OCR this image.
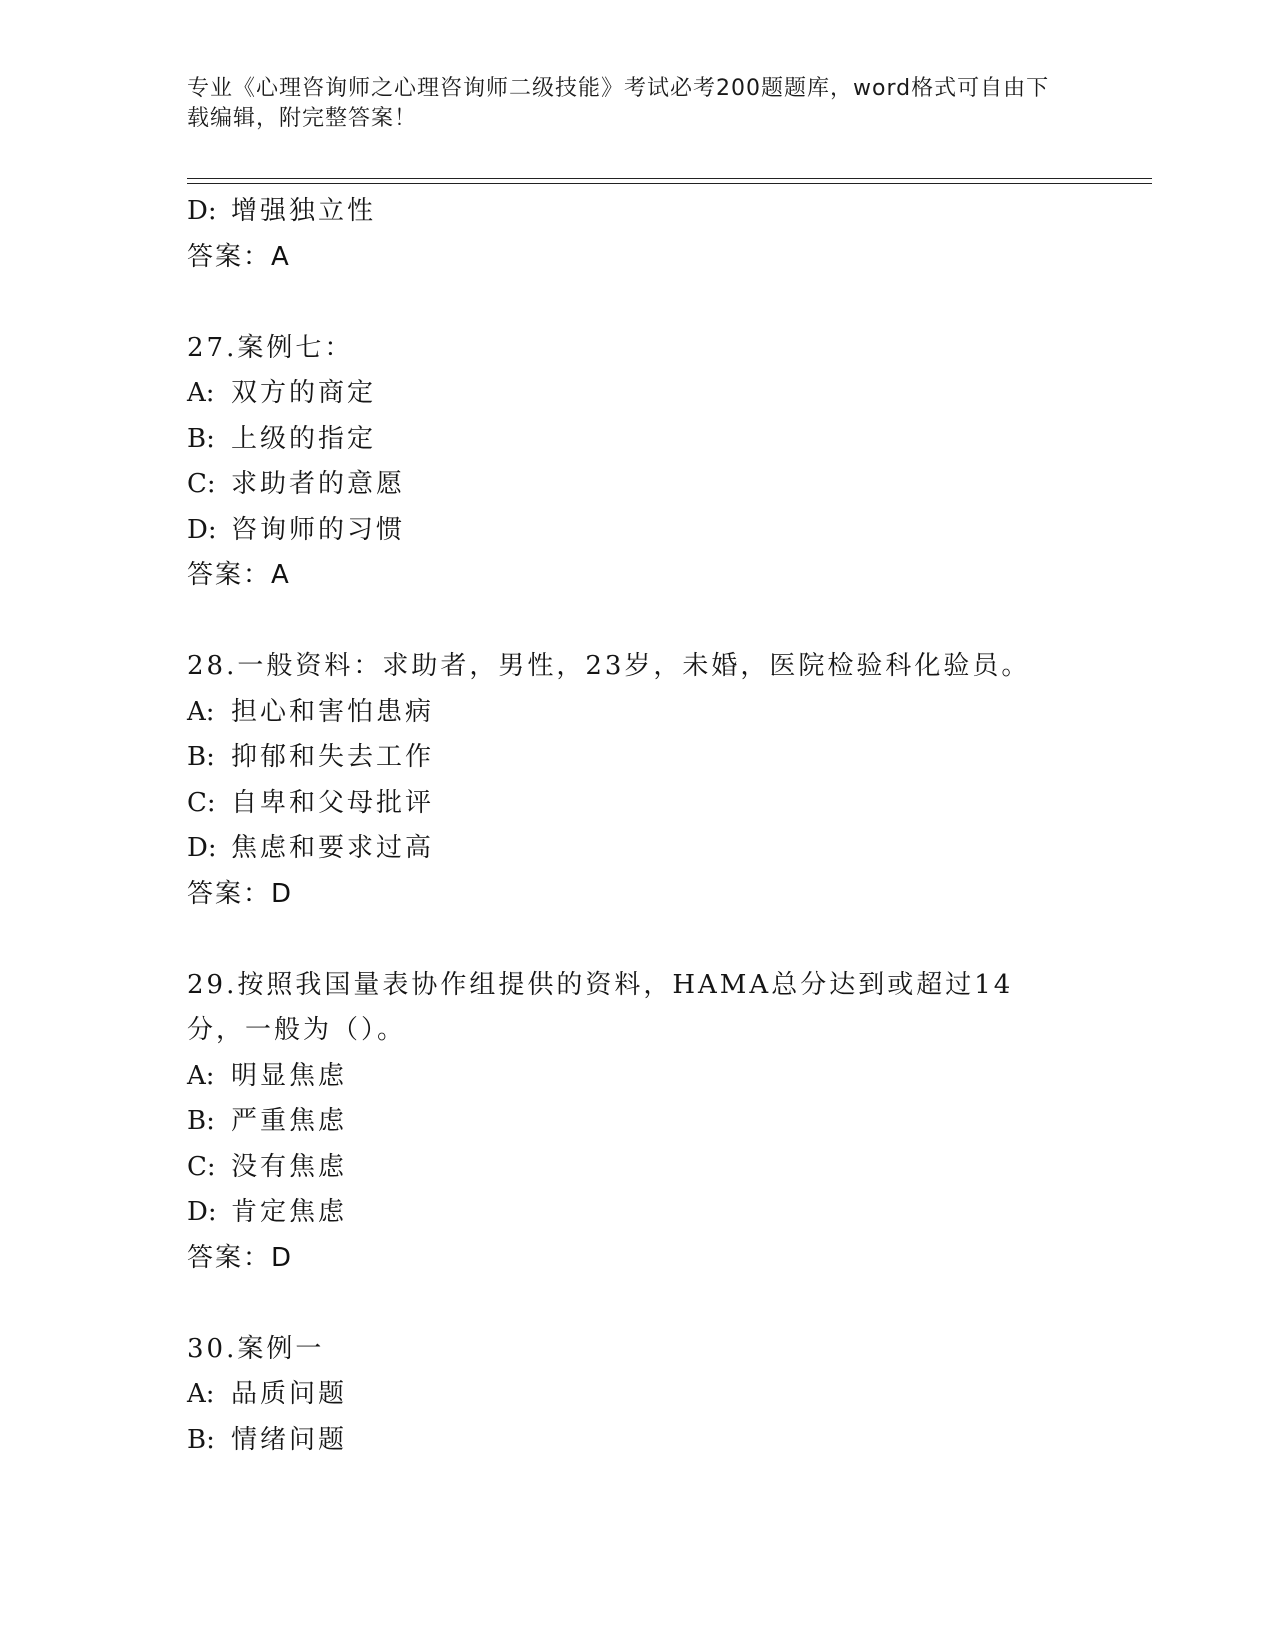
专业《心理咨询师之心理咨询师二级技能》考试必考200题题库，word格式可自由下载编辑，附完整答案！
D: 增强独立性
答案：A
27.案例七：
A: 双方的商定
B: 上级的指定
C: 求助者的意愿
D: 咨询师的习惯
答案：A
28.一般资料：求助者，男性，23岁，未婚，医院检验科化验员。
A: 担心和害怕患病
B: 抑郁和失去工作
C: 自卑和父母批评
D: 焦虑和要求过高
答案：D
29.按照我国量表协作组提供的资料，HAMA总分达到或超过14分，一般为（）。
A: 明显焦虑
B: 严重焦虑
C: 没有焦虑
D: 肯定焦虑
答案：D
30.案例一
A: 品质问题
B: 情绪问题
